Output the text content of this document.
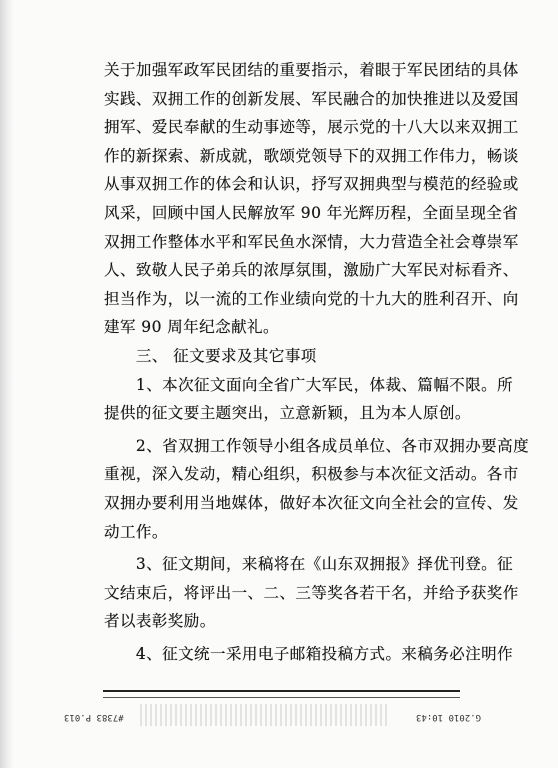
关于加强军政军民团结的重要指示，着眼于军民团结的具体
实践、双拥工作的创新发展、军民融合的加快推进以及爱国
拥军、爱民奉献的生动事迹等，展示党的十八大以来双拥工
作的新探索、新成就，歌颂党领导下的双拥工作伟力，畅谈
从事双拥工作的体会和认识，抒写双拥典型与模范的经验或
风采，回顾中国人民解放军 90 年光辉历程，全面呈现全省
双拥工作整体水平和军民鱼水深情，大力营造全社会尊崇军
人、致敬人民子弟兵的浓厚氛围，激励广大军民对标看齐、
担当作为，以一流的工作业绩向党的十九大的胜利召开、向
建军 90 周年纪念献礼。
　　三、 征文要求及其它事项
　　1、本次征文面向全省广大军民，体裁、篇幅不限。所
提供的征文要主题突出，立意新颖，且为本人原创。
　　2、省双拥工作领导小组各成员单位、各市双拥办要高度
重视，深入发动，精心组织，积极参与本次征文活动。各市
双拥办要利用当地媒体，做好本次征文向全社会的宣传、发
动工作。
　　3、征文期间，来稿将在《山东双拥报》择优刊登。征
文结束后，将评出一、二、三等奖各若干名，并给予获奖作
者以表彰奖励。
　　4、征文统一采用电子邮箱投稿方式。来稿务必注明作
#7383 P.013	G.2010 10:43
